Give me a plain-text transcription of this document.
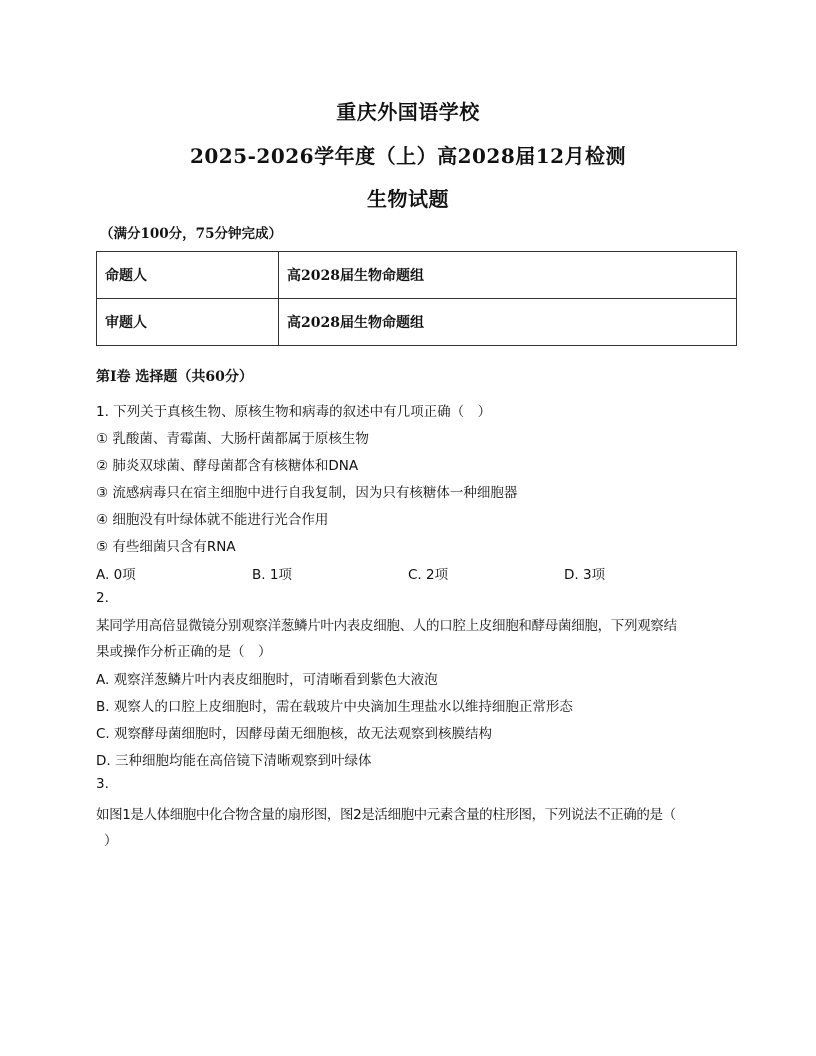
重庆外国语学校
2025-2026学年度（上）高2028届12月检测
生物试题
（满分100分，75分钟完成）
命题人	高2028届生物命题组
审题人	高2028届生物命题组
第Ⅰ卷 选择题（共60分）
1. 下列关于真核生物、原核生物和病毒的叙述中有几项正确（　）
① 乳酸菌、青霉菌、大肠杆菌都属于原核生物
② 肺炎双球菌、酵母菌都含有核糖体和DNA
③ 流感病毒只在宿主细胞中进行自我复制，因为只有核糖体一种细胞器
④ 细胞没有叶绿体就不能进行光合作用
⑤ 有些细菌只含有RNA
A. 0项	B. 1项	C. 2项	D. 3项
2.
某同学用高倍显微镜分别观察洋葱鳞片叶内表皮细胞、人的口腔上皮细胞和酵母菌细胞，下列观察结
果或操作分析正确的是（　）
A. 观察洋葱鳞片叶内表皮细胞时，可清晰看到紫色大液泡
B. 观察人的口腔上皮细胞时，需在载玻片中央滴加生理盐水以维持细胞正常形态
C. 观察酵母菌细胞时，因酵母菌无细胞核，故无法观察到核膜结构
D. 三种细胞均能在高倍镜下清晰观察到叶绿体
3.
如图1是人体细胞中化合物含量的扇形图，图2是活细胞中元素含量的柱形图，下列说法不正确的是（
）
